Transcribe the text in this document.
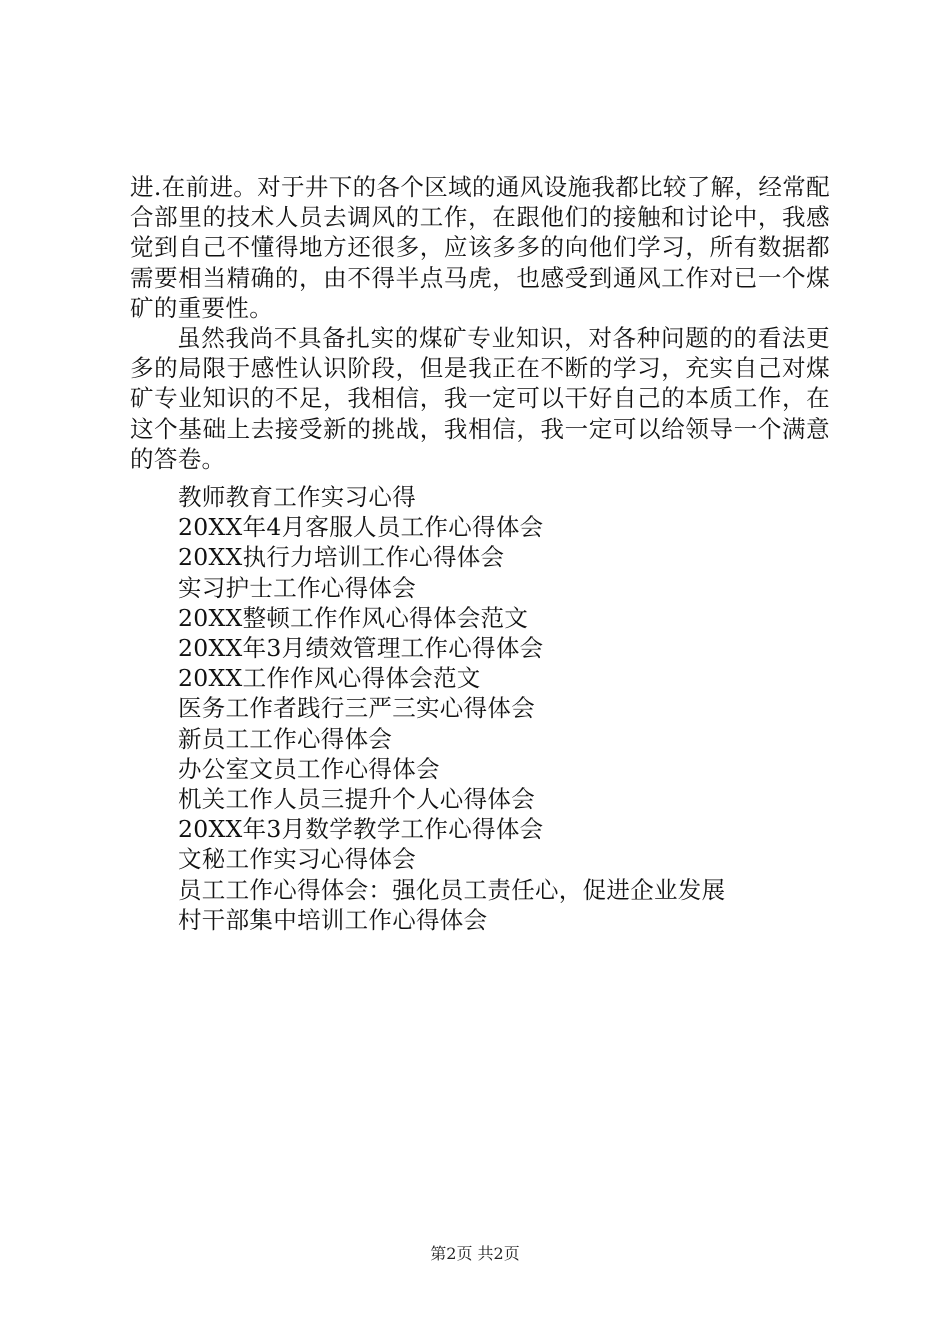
进.在前进。对于井下的各个区域的通风设施我都比较了解，经常配合部里的技术人员去调风的工作，在跟他们的接触和讨论中，我感觉到自己不懂得地方还很多，应该多多的向他们学习，所有数据都需要相当精确的，由不得半点马虎，也感受到通风工作对已一个煤矿的重要性。

虽然我尚不具备扎实的煤矿专业知识，对各种问题的的看法更多的局限于感性认识阶段，但是我正在不断的学习，充实自己对煤矿专业知识的不足，我相信，我一定可以干好自己的本质工作，在这个基础上去接受新的挑战，我相信，我一定可以给领导一个满意的答卷。

教师教育工作实习心得
20XX年4月客服人员工作心得体会
20XX执行力培训工作心得体会
实习护士工作心得体会
20XX整顿工作作风心得体会范文
20XX年3月绩效管理工作心得体会
20XX工作作风心得体会范文
医务工作者践行三严三实心得体会
新员工工作心得体会
办公室文员工作心得体会
机关工作人员三提升个人心得体会
20XX年3月数学教学工作心得体会
文秘工作实习心得体会
员工工作心得体会：强化员工责任心，促进企业发展
村干部集中培训工作心得体会
第2页 共2页
